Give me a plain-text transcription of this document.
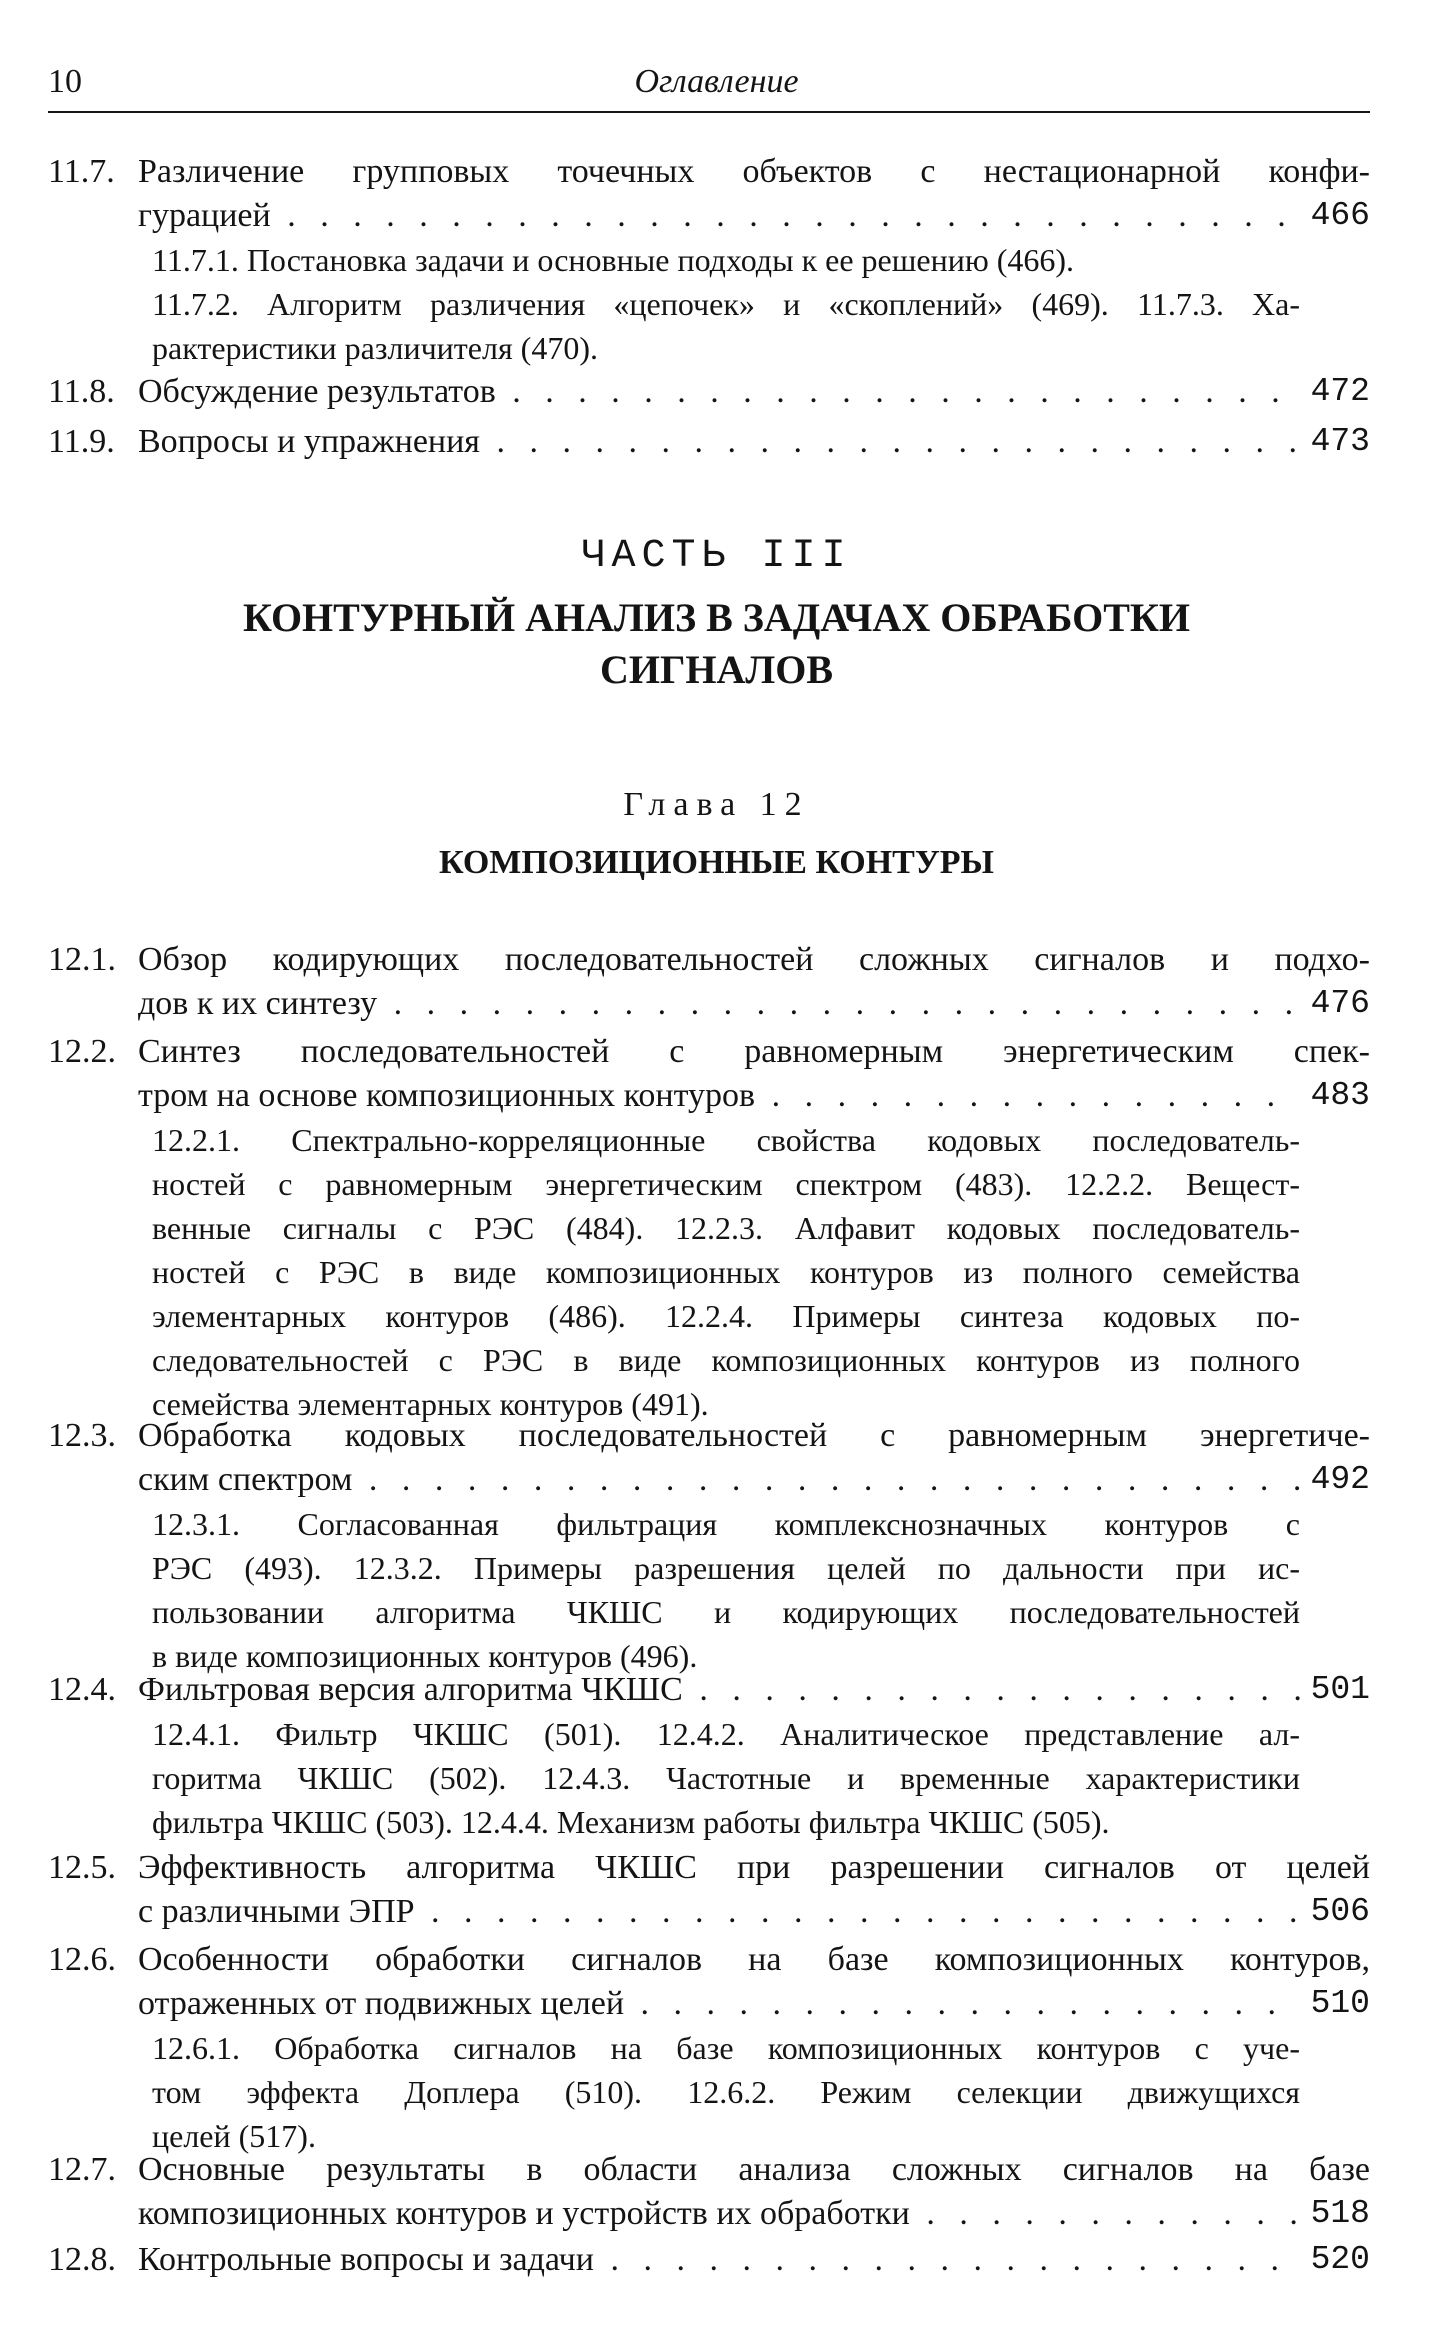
10	Оглавление
11.7. Различение групповых точечных объектов с нестационарной конфи-
гурацией . . .	466
11.7.1. Постановка задачи и основные подходы к ее решению (466).
11.7.2. Алгоритм различения «цепочек» и «скоплений» (469). 11.7.3. Ха-
рактеристики различителя (470).
11.8. Обсуждение результатов . . .	472
11.9. Вопросы и упражнения . . .	473
ЧАСТЬ III
КОНТУРНЫЙ АНАЛИЗ В ЗАДАЧАХ ОБРАБОТКИ
СИГНАЛОВ
Глава 12
КОМПОЗИЦИОННЫЕ КОНТУРЫ
12.1. Обзор кодирующих последовательностей сложных сигналов и подхо-
дов к их синтезу . . .	476
12.2. Синтез последовательностей с равномерным энергетическим спек-
тром на основе композиционных контуров . . .	483
12.2.1. Спектрально-корреляционные свойства кодовых последователь-
ностей с равномерным энергетическим спектром (483). 12.2.2. Вещест-
венные сигналы с РЭС (484). 12.2.3. Алфавит кодовых последователь-
ностей с РЭС в виде композиционных контуров из полного семейства
элементарных контуров (486). 12.2.4. Примеры синтеза кодовых по-
следовательностей с РЭС в виде композиционных контуров из полного
семейства элементарных контуров (491).
12.3. Обработка кодовых последовательностей с равномерным энергетиче-
ским спектром . . .	492
12.3.1. Согласованная фильтрация комплекснозначных контуров с
РЭС (493). 12.3.2. Примеры разрешения целей по дальности при ис-
пользовании алгоритма ЧКШС и кодирующих последовательностей
в виде композиционных контуров (496).
12.4. Фильтровая версия алгоритма ЧКШС . . .	501
12.4.1. Фильтр ЧКШС (501). 12.4.2. Аналитическое представление ал-
горитма ЧКШС (502). 12.4.3. Частотные и временные характеристики
фильтра ЧКШС (503). 12.4.4. Механизм работы фильтра ЧКШС (505).
12.5. Эффективность алгоритма ЧКШС при разрешении сигналов от целей
с различными ЭПР . . .	506
12.6. Особенности обработки сигналов на базе композиционных контуров,
отраженных от подвижных целей . . .	510
12.6.1. Обработка сигналов на базе композиционных контуров с уче-
том эффекта Доплера (510). 12.6.2. Режим селекции движущихся
целей (517).
12.7. Основные результаты в области анализа сложных сигналов на базе
композиционных контуров и устройств их обработки . . .	518
12.8. Контрольные вопросы и задачи . . .	520
